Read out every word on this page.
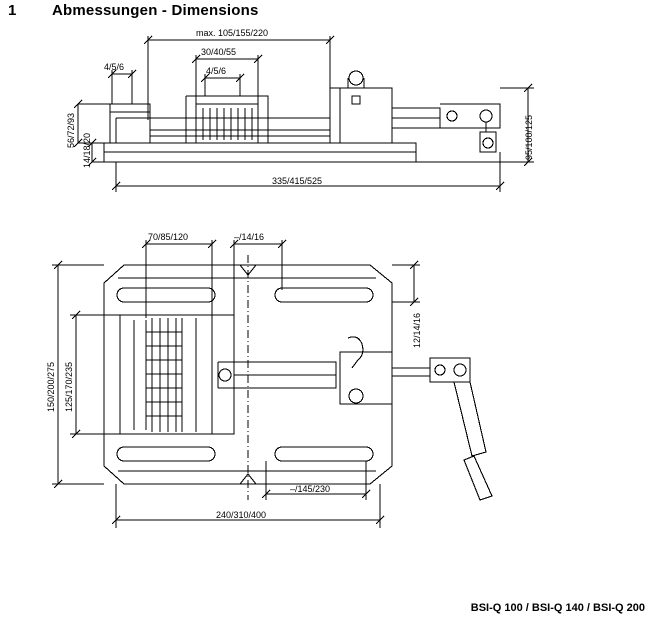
1 Abmessungen - Dimensions
max. 105/155/220
30/40/55
4/5/6
4/5/6
56/72/93
14/18/20	95/100/125
335/415/525
70/85/120	–/14/16
12/14/16
150/200/275 125/170/235
–/145/230
240/310/400
BSI-Q 100 / BSI-Q 140 / BSI-Q 200
